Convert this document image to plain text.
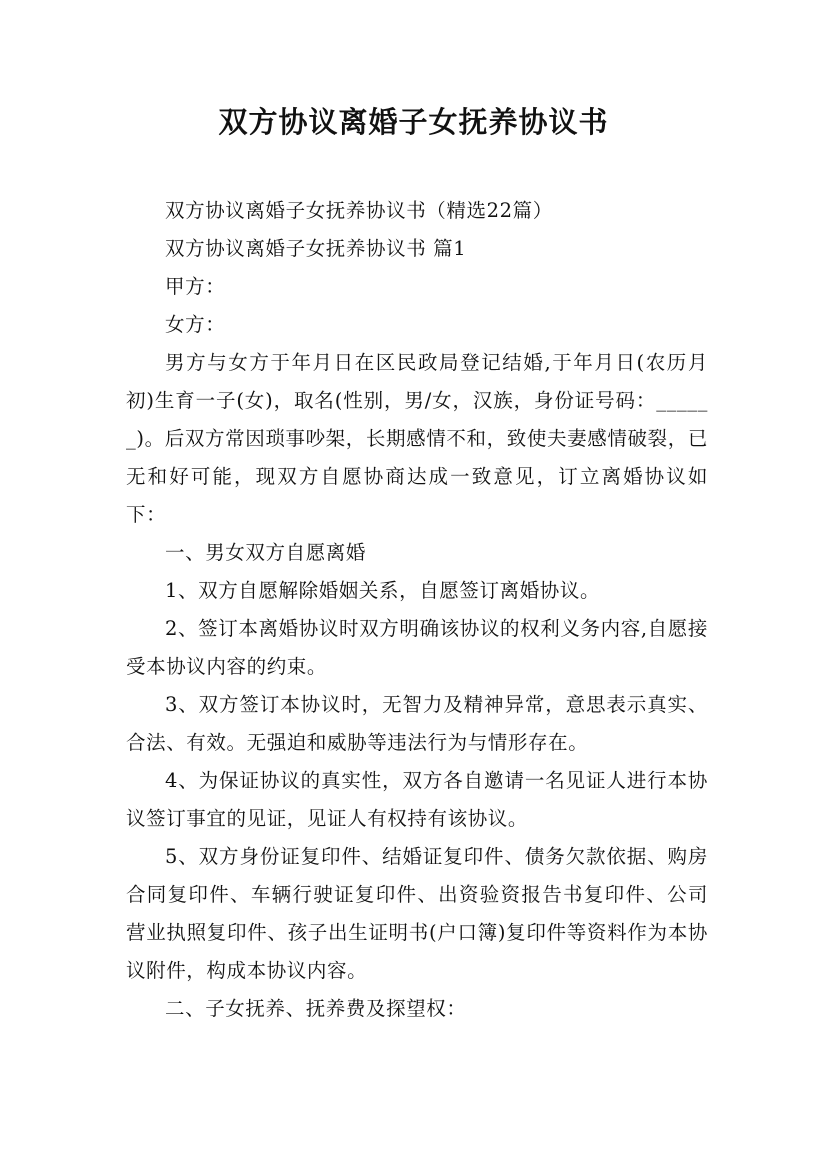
双方协议离婚子女抚养协议书

双方协议离婚子女抚养协议书（精选22篇）

双方协议离婚子女抚养协议书 篇1

甲方：

女方：

男方与女方于年月日在区民政局登记结婚,于年月日(农历月初)生育一子(女)，取名(性别，男/女，汉族，身份证号码：______)。后双方常因琐事吵架，长期感情不和，致使夫妻感情破裂，已无和好可能，现双方自愿协商达成一致意见，订立离婚协议如下：

一、男女双方自愿离婚

1、双方自愿解除婚姻关系，自愿签订离婚协议。

2、签订本离婚协议时双方明确该协议的权利义务内容,自愿接受本协议内容的约束。

3、双方签订本协议时，无智力及精神异常，意思表示真实、合法、有效。无强迫和威胁等违法行为与情形存在。

4、为保证协议的真实性，双方各自邀请一名见证人进行本协议签订事宜的见证，见证人有权持有该协议。

5、双方身份证复印件、结婚证复印件、债务欠款依据、购房合同复印件、车辆行驶证复印件、出资验资报告书复印件、公司营业执照复印件、孩子出生证明书(户口簿)复印件等资料作为本协议附件，构成本协议内容。

二、子女抚养、抚养费及探望权：
